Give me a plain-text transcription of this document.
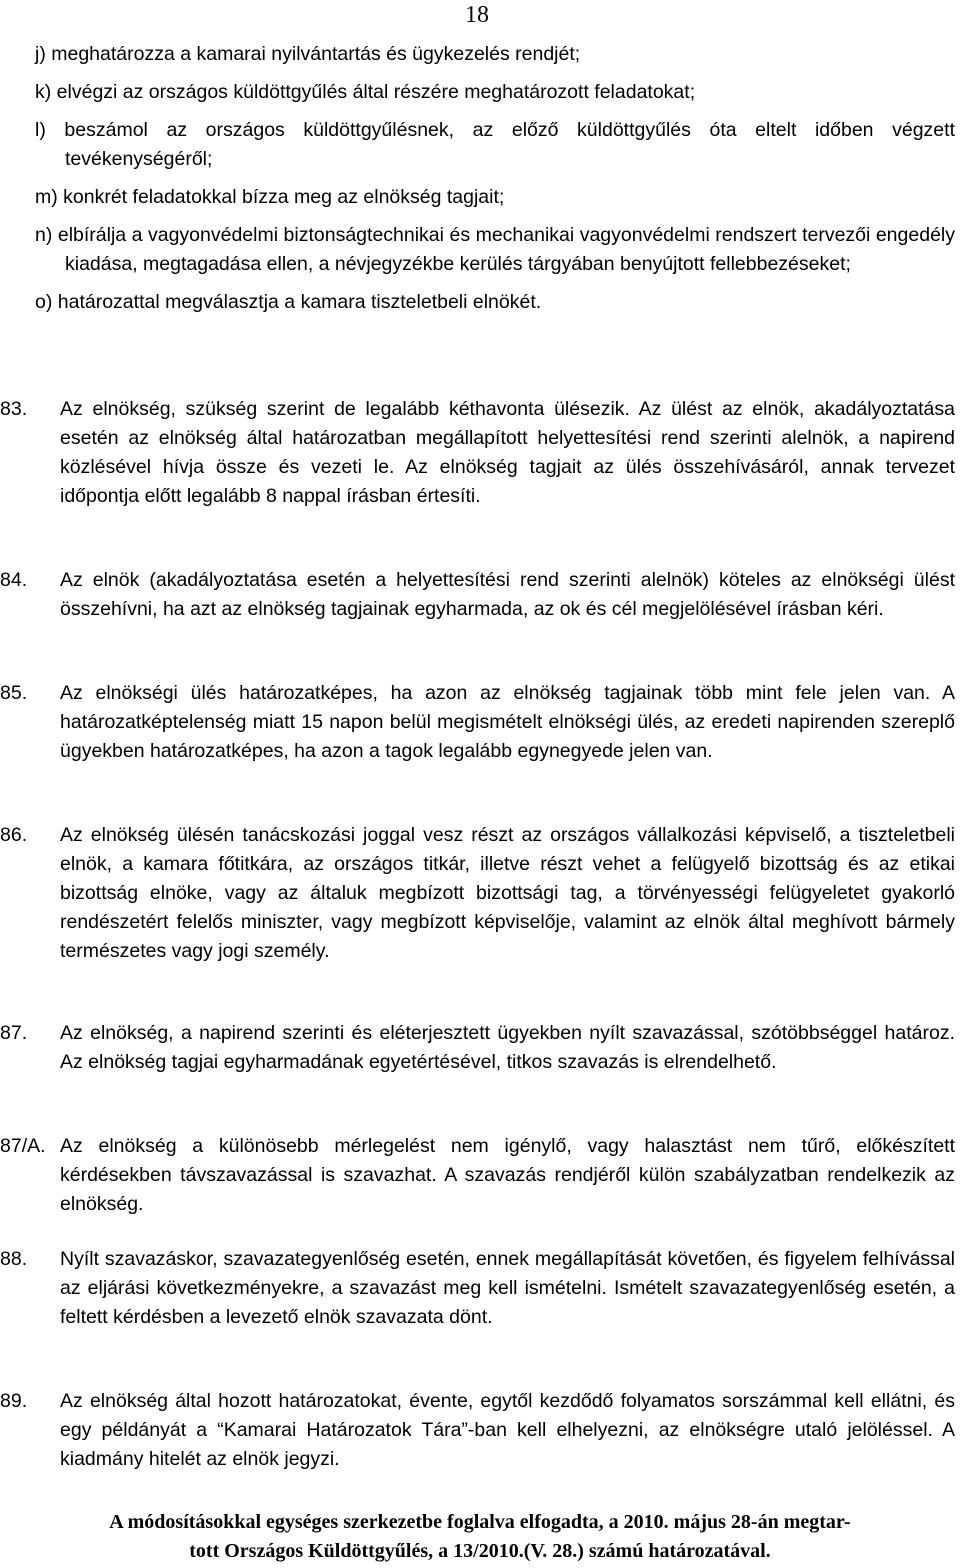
18
j) meghatározza a kamarai nyilvántartás és ügykezelés rendjét;
k) elvégzi az országos küldöttgyűlés által részére meghatározott feladatokat;
l) beszámol az országos küldöttgyűlésnek, az előző küldöttgyűlés óta eltelt időben végzett tevékenységéről;
m) konkrét feladatokkal bízza meg az elnökség tagjait;
n) elbírálja a vagyonvédelmi biztonságtechnikai és mechanikai vagyonvédelmi rendszert tervezői engedély kiadása, megtagadása ellen, a névjegyzékbe kerülés tárgyában benyújtott fellebbezéseket;
o) határozattal megválasztja a kamara tiszteletbeli elnökét.

83. Az elnökség, szükség szerint de legalább kéthavonta ülésezik. Az ülést az elnök, akadályoztatása esetén az elnökség által határozatban megállapított helyettesítési rend szerinti alelnök, a napirend közlésével hívja össze és vezeti le. Az elnökség tagjait az ülés összehívásáról, annak tervezet időpontja előtt legalább 8 nappal írásban értesíti.

84. Az elnök (akadályoztatása esetén a helyettesítési rend szerinti alelnök) köteles az elnökségi ülést összehívni, ha azt az elnökség tagjainak egyharmada, az ok és cél megjelölésével írásban kéri.

85. Az elnökségi ülés határozatképes, ha azon az elnökség tagjainak több mint fele jelen van. A határozatképtelenség miatt 15 napon belül megismételt elnökségi ülés, az eredeti napirenden szereplő ügyekben határozatképes, ha azon a tagok legalább egynegyede jelen van.

86. Az elnökség ülésén tanácskozási joggal vesz részt az országos vállalkozási képviselő, a tiszteletbeli elnök, a kamara főtitkára, az országos titkár, illetve részt vehet a felügyelő bizottság és az etikai bizottság elnöke, vagy az általuk megbízott bizottsági tag, a törvényességi felügyeletet gyakorló rendészetért felelős miniszter, vagy megbízott képviselője, valamint az elnök által meghívott bármely természetes vagy jogi személy.

87. Az elnökség, a napirend szerinti és eléterjesztett ügyekben nyílt szavazással, szótöbbséggel határoz. Az elnökség tagjai egyharmadának egyetértésével, titkos szavazás is elrendelhető.

87/A. Az elnökség a különösebb mérlegelést nem igénylő, vagy halasztást nem tűrő, előkészített kérdésekben távszavazással is szavazhat. A szavazás rendjéről külön szabályzatban rendelkezik az elnökség.

88. Nyílt szavazáskor, szavazategyenlőség esetén, ennek megállapítását követően, és figyelem felhívással az eljárási következményekre, a szavazást meg kell ismételni. Ismételt szavazategyenlőség esetén, a feltett kérdésben a levezető elnök szavazata dönt.

89. Az elnökség által hozott határozatokat, évente, egytől kezdődő folyamatos sorszámmal kell ellátni, és egy példányát a “Kamarai Határozatok Tára”-ban kell elhelyezni, az elnökségre utaló jelöléssel. A kiadmány hitelét az elnök jegyzi.

A módosításokkal egységes szerkezetbe foglalva elfogadta, a 2010. május 28-án megtar-
tott Országos Küldöttgyűlés, a 13/2010.(V. 28.) számú határozatával.
